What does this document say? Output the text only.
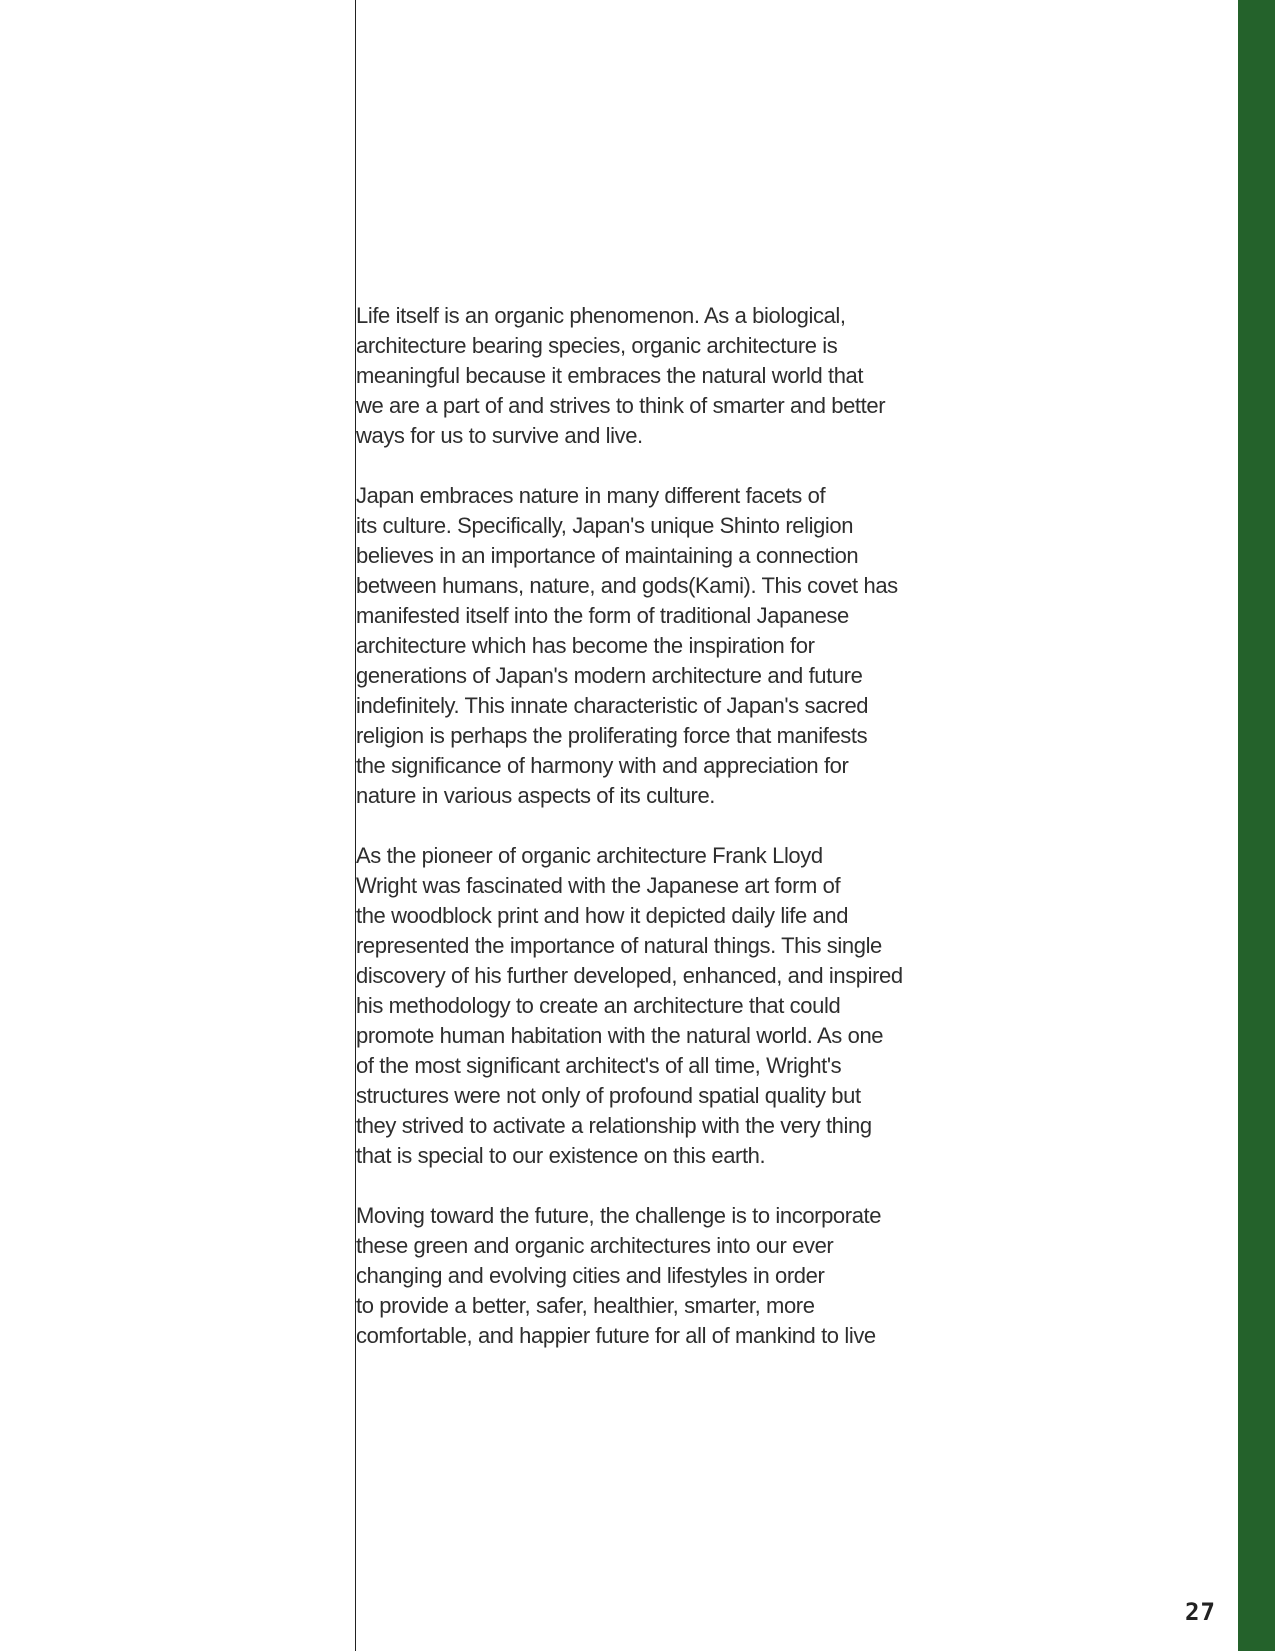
Life itself is an organic phenomenon. As a biological,
architecture bearing species, organic architecture is
meaningful because it embraces the natural world that
we are a part of and strives to think of smarter and better
ways for us to survive and live.

Japan embraces nature in many different facets of
its culture. Specifically, Japan's unique Shinto religion
believes in an importance of maintaining a connection
between humans, nature, and gods(Kami). This covet has
manifested itself into the form of traditional Japanese
architecture which has become the inspiration for
generations of Japan's modern architecture and future
indefinitely. This innate characteristic of Japan's sacred
religion is perhaps the proliferating force that manifests
the significance of harmony with and appreciation for
nature in various aspects of its culture.

As the pioneer of organic architecture Frank Lloyd
Wright was fascinated with the Japanese art form of
the woodblock print and how it depicted daily life and
represented the importance of natural things. This single
discovery of his further developed, enhanced, and inspired
his methodology to create an architecture that could
promote human habitation with the natural world. As one
of the most significant architect's of all time, Wright's
structures were not only of profound spatial quality but
they strived to activate a relationship with the very thing
that is special to our existence on this earth.

Moving toward the future, the challenge is to incorporate
these green and organic architectures into our ever
changing and evolving cities and lifestyles in order
to provide a better, safer, healthier, smarter, more
comfortable, and happier future for all of mankind to live

27
